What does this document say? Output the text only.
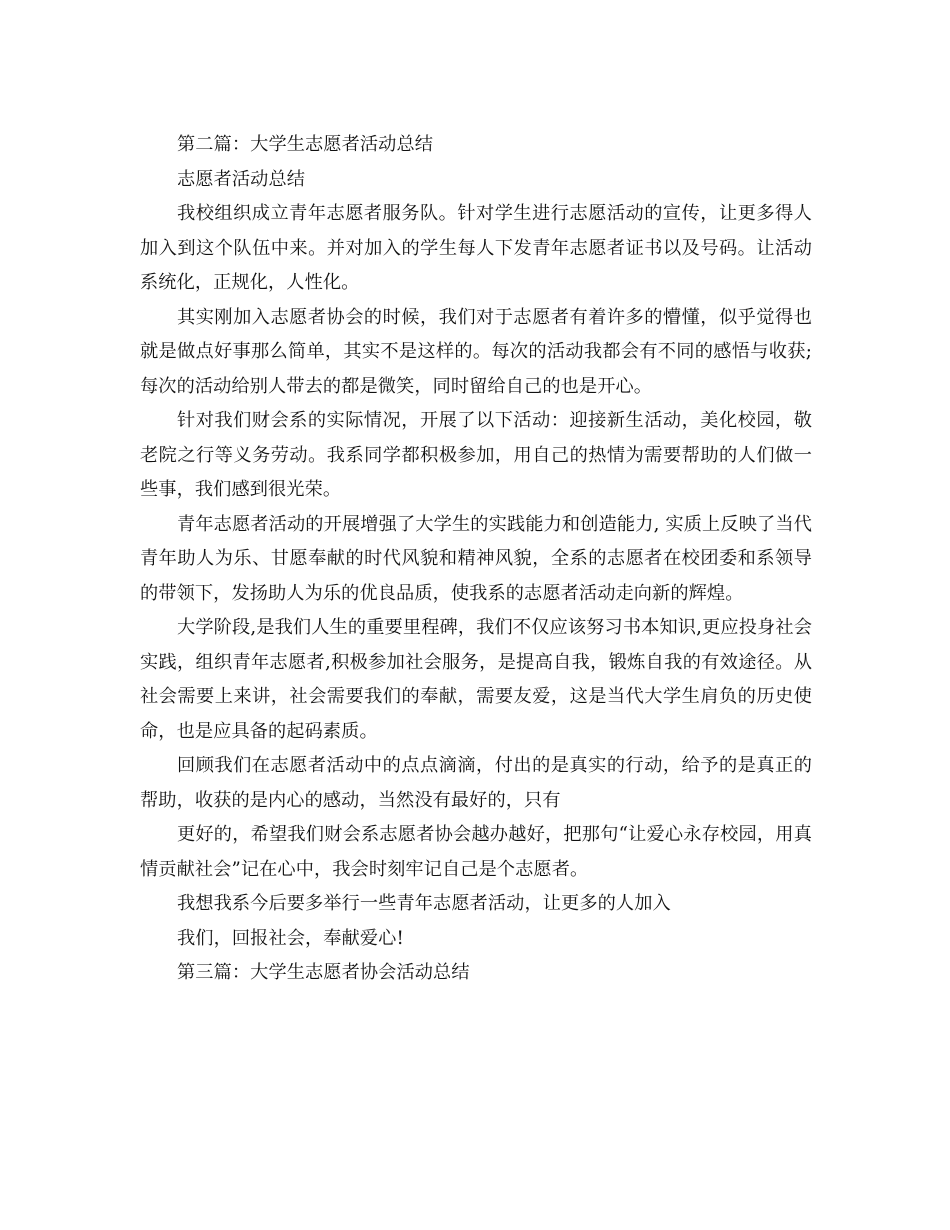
第二篇：大学生志愿者活动总结

志愿者活动总结

我校组织成立青年志愿者服务队。针对学生进行志愿活动的宣传，让更多得人加入到这个队伍中来。并对加入的学生每人下发青年志愿者证书以及号码。让活动系统化，正规化，人性化。

其实刚加入志愿者协会的时候，我们对于志愿者有着许多的懵懂，似乎觉得也就是做点好事那么简单，其实不是这样的。每次的活动我都会有不同的感悟与收获;每次的活动给别人带去的都是微笑，同时留给自己的也是开心。

针对我们财会系的实际情况，开展了以下活动：迎接新生活动，美化校园，敬老院之行等义务劳动。我系同学都积极参加，用自己的热情为需要帮助的人们做一些事，我们感到很光荣。

青年志愿者活动的开展增强了大学生的实践能力和创造能力, 实质上反映了当代青年助人为乐、甘愿奉献的时代风貌和精神风貌，全系的志愿者在校团委和系领导的带领下，发扬助人为乐的优良品质，使我系的志愿者活动走向新的辉煌。

大学阶段,是我们人生的重要里程碑，我们不仅应该努习书本知识,更应投身社会实践，组织青年志愿者,积极参加社会服务，是提高自我，锻炼自我的有效途径。从社会需要上来讲，社会需要我们的奉献，需要友爱，这是当代大学生肩负的历史使命，也是应具备的起码素质。

回顾我们在志愿者活动中的点点滴滴，付出的是真实的行动，给予的是真正的帮助，收获的是内心的感动，当然没有最好的，只有

更好的，希望我们财会系志愿者协会越办越好，把那句“让爱心永存校园，用真情贡献社会”记在心中，我会时刻牢记自己是个志愿者。

我想我系今后要多举行一些青年志愿者活动，让更多的人加入

我们，回报社会，奉献爱心!

第三篇：大学生志愿者协会活动总结
